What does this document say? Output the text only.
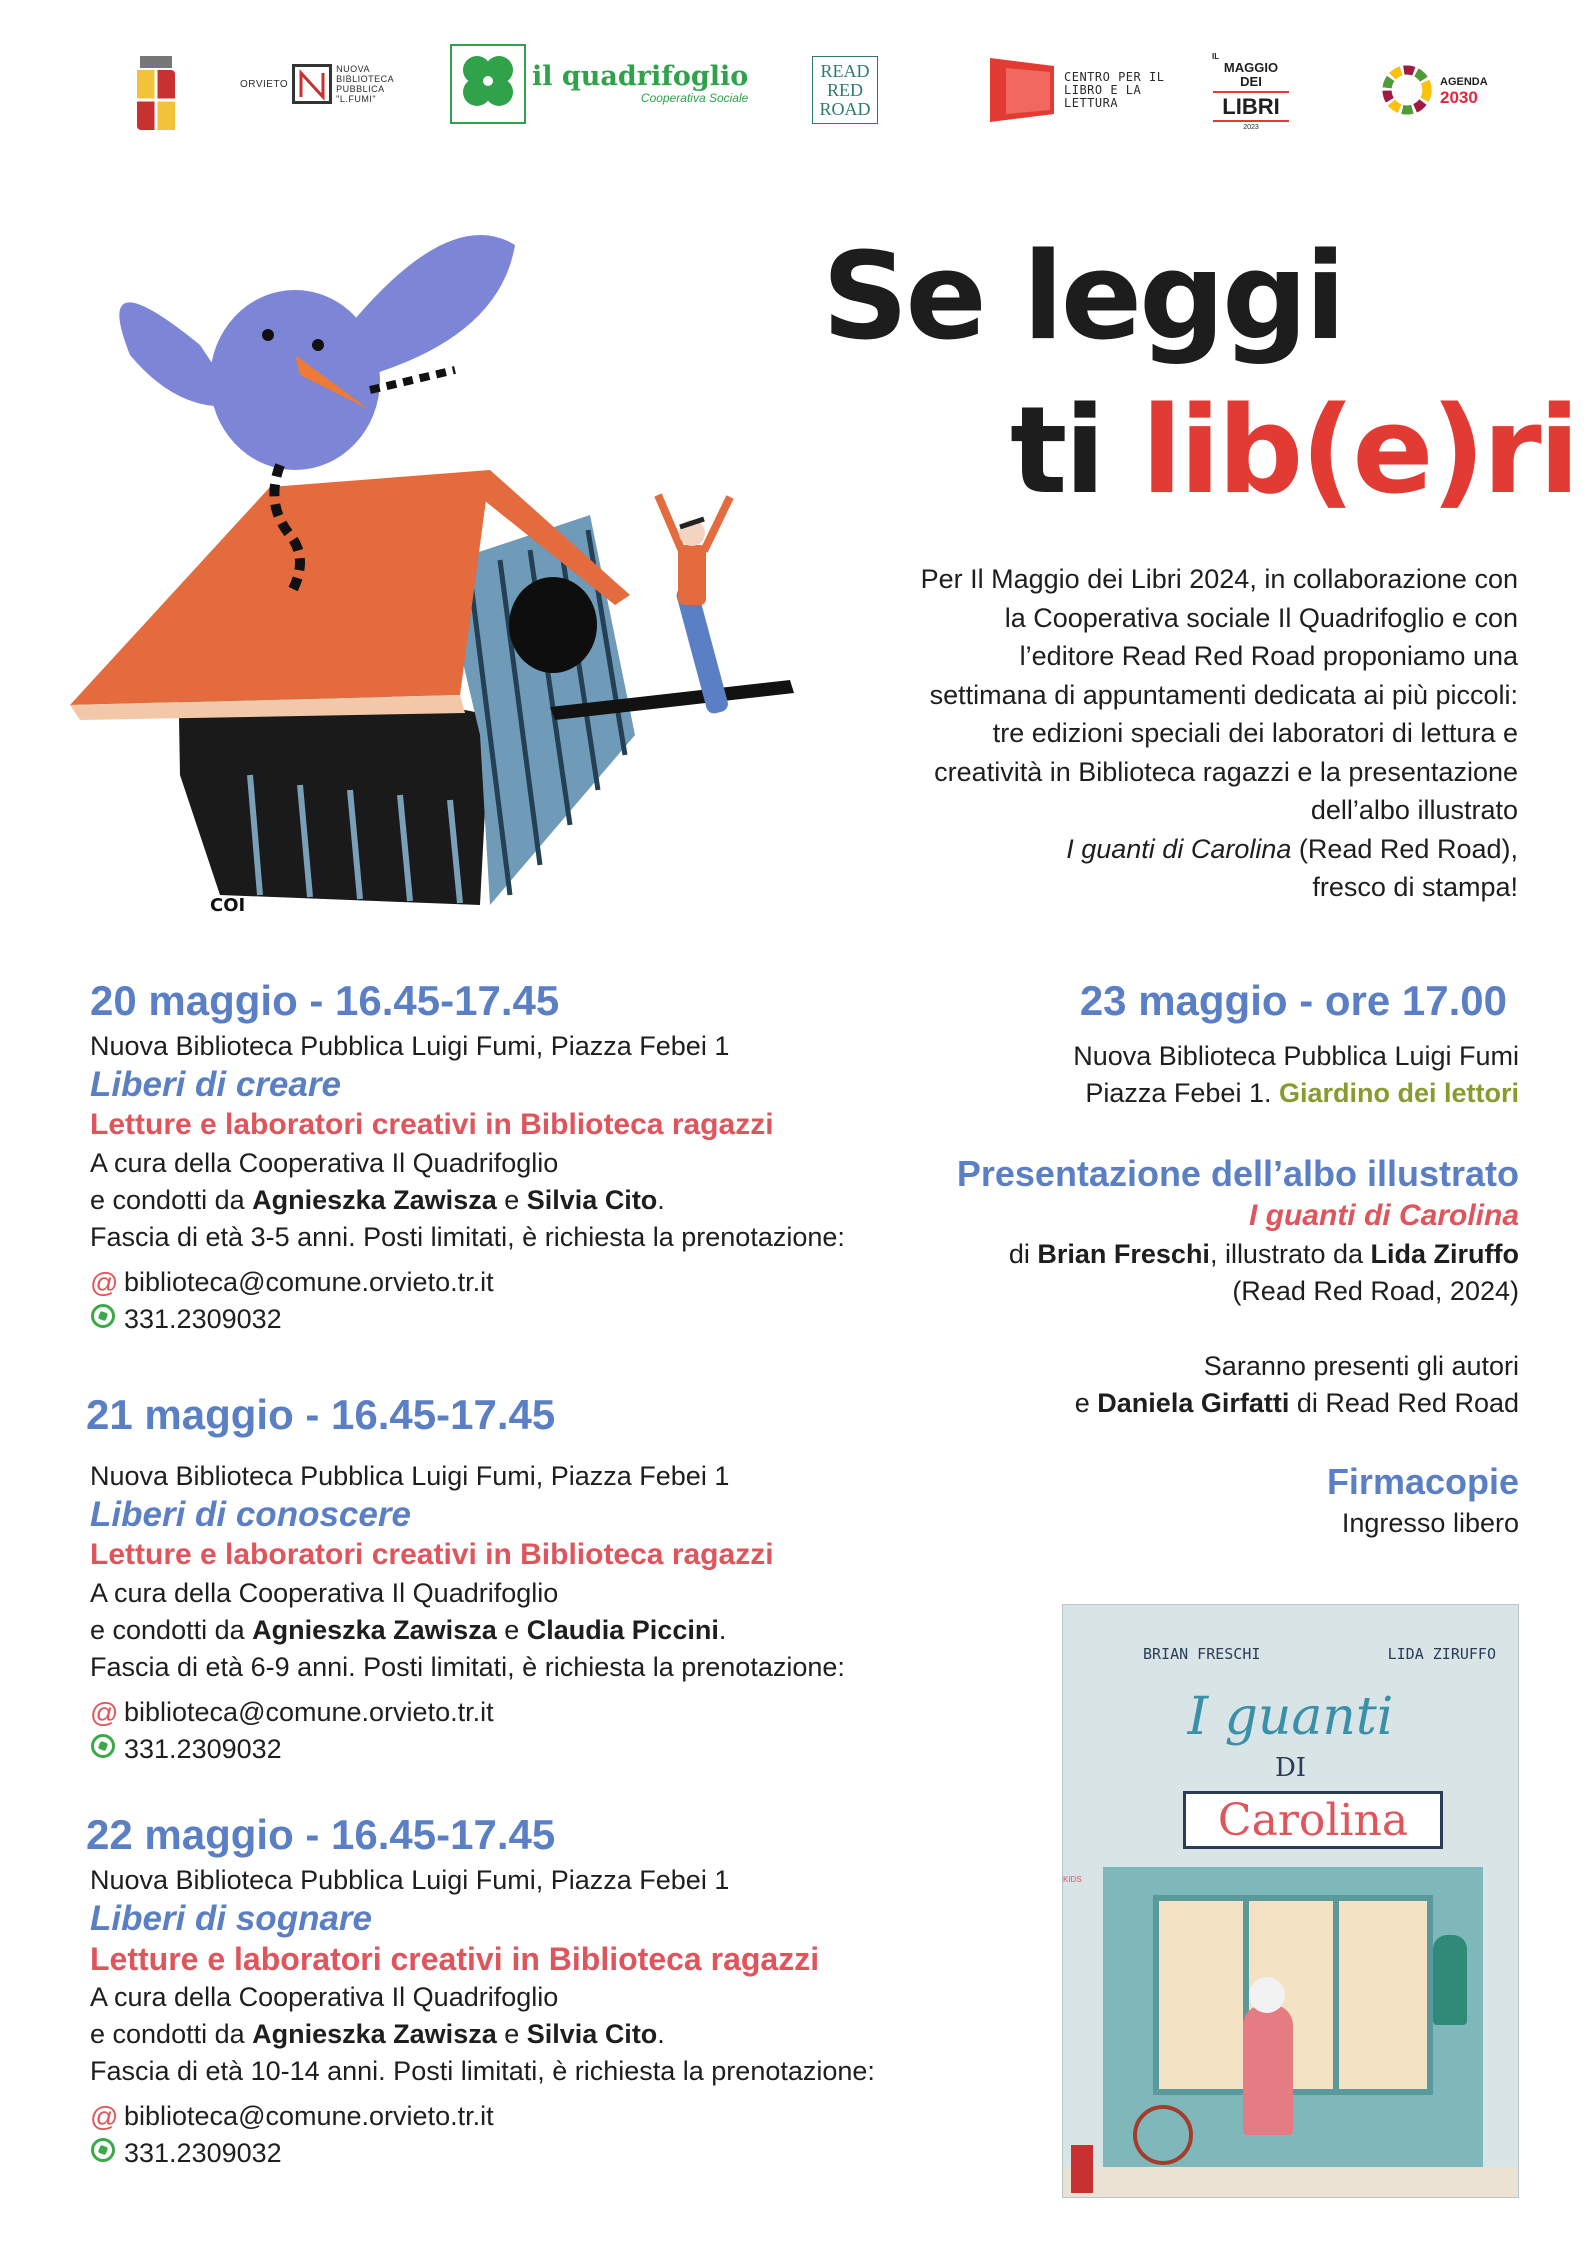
ORVIETO
NUOVA BIBLIOTECA PUBBLICA "L.FUMI"
il quadrifoglio
Cooperativa Sociale
READ
RED
ROAD
CENTRO PER IL LIBRO E LA LETTURA
IL
MAGGIO DEI
LIBRI
2023
AGENDA
2030
COI
Se leggi
ti lib(e)ri
Per Il Maggio dei Libri 2024, in collaborazione con
la Cooperativa sociale Il Quadrifoglio e con
l’editore Read Red Road proponiamo una
settimana di appuntamenti dedicata ai più piccoli:
tre edizioni speciali dei laboratori di lettura e
creatività in Biblioteca ragazzi e la presentazione
dell’albo illustrato
I guanti di Carolina (Read Red Road),
fresco di stampa!
20 maggio - 16.45-17.45
Nuova Biblioteca Pubblica Luigi Fumi, Piazza Febei 1
Liberi di creare
Letture e laboratori creativi in Biblioteca ragazzi
A cura della Cooperativa Il Quadrifoglio
e condotti da Agnieszka Zawisza e Silvia Cito.
Fascia di età 3-5 anni. Posti limitati, è richiesta la prenotazione:
@ biblioteca@comune.orvieto.tr.it
331.2309032
21 maggio - 16.45-17.45
Nuova Biblioteca Pubblica Luigi Fumi, Piazza Febei 1
Liberi di conoscere
Letture e laboratori creativi in Biblioteca ragazzi
A cura della Cooperativa Il Quadrifoglio
e condotti da Agnieszka Zawisza e Claudia Piccini.
Fascia di età 6-9 anni. Posti limitati, è richiesta la prenotazione:
@ biblioteca@comune.orvieto.tr.it
331.2309032
22 maggio - 16.45-17.45
Nuova Biblioteca Pubblica Luigi Fumi, Piazza Febei 1
Liberi di sognare
Letture e laboratori creativi in Biblioteca ragazzi
A cura della Cooperativa Il Quadrifoglio
e condotti da Agnieszka Zawisza e Silvia Cito.
Fascia di età 10-14 anni. Posti limitati, è richiesta la prenotazione:
@ biblioteca@comune.orvieto.tr.it
331.2309032
23 maggio - ore 17.00
Nuova Biblioteca Pubblica Luigi Fumi
Piazza Febei 1. Giardino dei lettori
Presentazione dell’albo illustrato
I guanti di Carolina
di Brian Freschi, illustrato da Lida Ziruffo
(Read Red Road, 2024)
Saranno presenti gli autori
e Daniela Girfatti di Read Red Road
Firmacopie
Ingresso libero
BRIAN FRESCHI	LIDA ZIRUFFO
I guanti
DI
Carolina
KIDS
